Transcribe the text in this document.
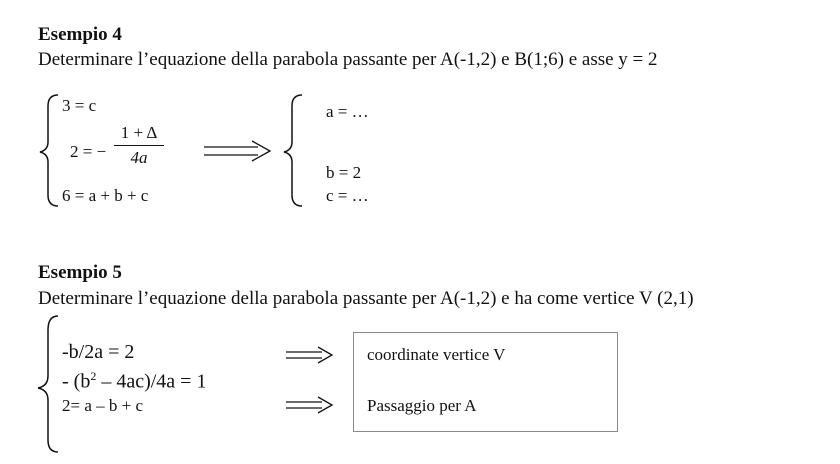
Esempio 4
Determinare l’equazione della parabola passante per A(-1,2) e B(1;6) e asse y = 2
3 = c
2 = −
1 + Δ
4a
6 = a + b + c
a = …
b = 2
c = …
Esempio 5
Determinare l’equazione della parabola passante per A(-1,2) e ha come vertice V (2,1)
-b/2a = 2
- $(b^2 - 4ac)/4a = 1$
2= a – b + c
coordinate vertice V
Passaggio per A
